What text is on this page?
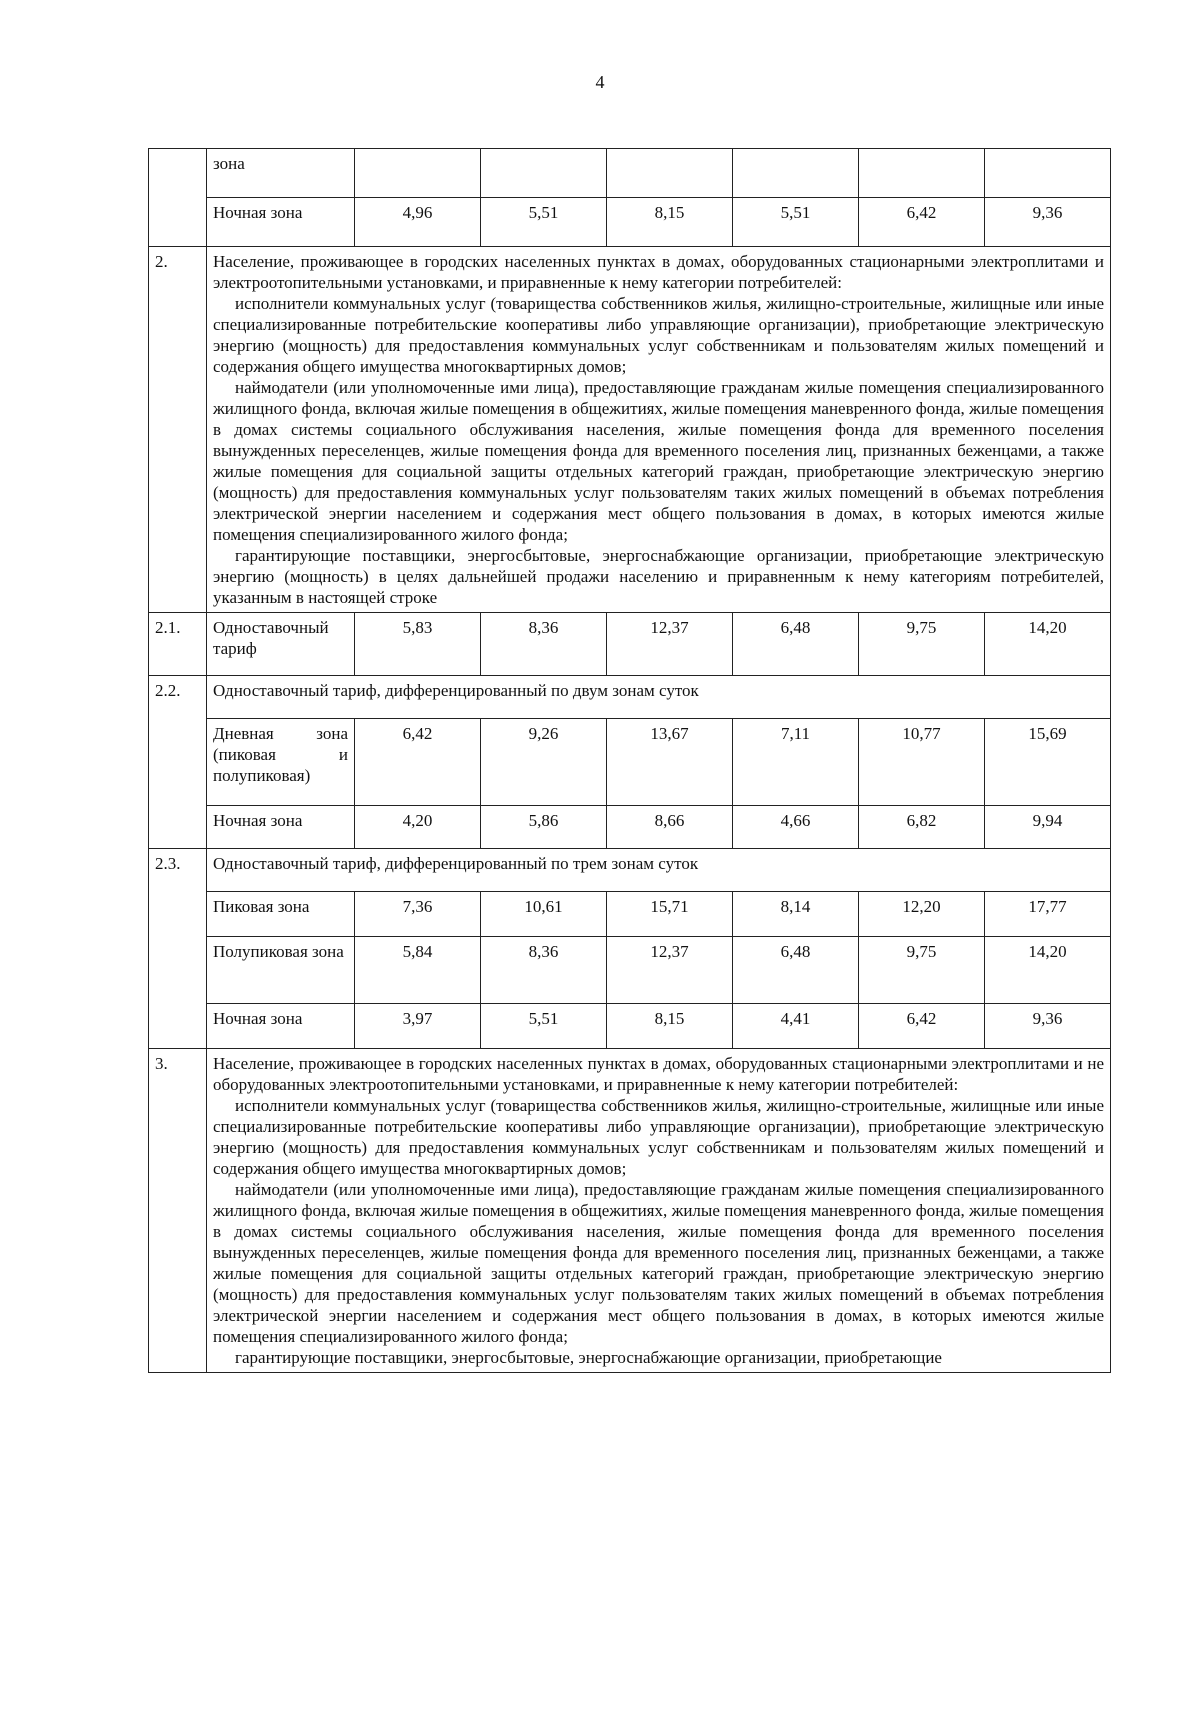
4
	зона						
	Ночная зона	4,96	5,51	8,15	5,51	6,42	9,36
2.	Население, проживающее в городских населенных пунктах в домах, оборудованных стационарными электроплитами и электроотопительными установками, и приравненные к нему категории потребителей:

исполнители коммунальных услуг (товарищества собственников жилья, жилищно-строительные, жилищные или иные специализированные потребительские кооперативы либо управляющие организации), приобретающие электрическую энергию (мощность) для предоставления коммунальных услуг собственникам и пользователям жилых помещений и содержания общего имущества многоквартирных домов;

наймодатели (или уполномоченные ими лица), предоставляющие гражданам жилые помещения специализированного жилищного фонда, включая жилые помещения в общежитиях, жилые помещения маневренного фонда, жилые помещения в домах системы социального обслуживания населения, жилые помещения фонда для временного поселения вынужденных переселенцев, жилые помещения фонда для временного поселения лиц, признанных беженцами, а также жилые помещения для социальной защиты отдельных категорий граждан, приобретающие электрическую энергию (мощность) для предоставления коммунальных услуг пользователям таких жилых помещений в объемах потребления электрической энергии населением и содержания мест общего пользования в домах, в которых имеются жилые помещения специализированного жилого фонда;

гарантирующие поставщики, энергосбытовые, энергоснабжающие организации, приобретающие электрическую энергию (мощность) в целях дальнейшей продажи населению и приравненным к нему категориям потребителей, указанным в настоящей строке						

2.1.	Одноставочный тариф	5,83	8,36	12,37	6,48	9,75	14,20
2.2.	Одноставочный тариф, дифференцированный по двум зонам суток						
	Дневная зона (пиковая и полупиковая)	6,42	9,26	13,67	7,11	10,77	15,69
	Ночная зона	4,20	5,86	8,66	4,66	6,82	9,94
2.3.	Одноставочный тариф, дифференцированный по трем зонам суток						
	Пиковая зона	7,36	10,61	15,71	8,14	12,20	17,77
	Полупиковая зона	5,84	8,36	12,37	6,48	9,75	14,20
	Ночная зона	3,97	5,51	8,15	4,41	6,42	9,36
3.	Население, проживающее в городских населенных пунктах в домах, оборудованных стационарными электроплитами и не оборудованных электроотопительными установками, и приравненные к нему категории потребителей:

исполнители коммунальных услуг (товарищества собственников жилья, жилищно-строительные, жилищные или иные специализированные потребительские кооперативы либо управляющие организации), приобретающие электрическую энергию (мощность) для предоставления коммунальных услуг собственникам и пользователям жилых помещений и содержания общего имущества многоквартирных домов;

наймодатели (или уполномоченные ими лица), предоставляющие гражданам жилые помещения специализированного жилищного фонда, включая жилые помещения в общежитиях, жилые помещения маневренного фонда, жилые помещения в домах системы социального обслуживания населения, жилые помещения фонда для временного поселения вынужденных переселенцев, жилые помещения фонда для временного поселения лиц, признанных беженцами, а также жилые помещения для социальной защиты отдельных категорий граждан, приобретающие электрическую энергию (мощность) для предоставления коммунальных услуг пользователям таких жилых помещений в объемах потребления электрической энергии населением и содержания мест общего пользования в домах, в которых имеются жилые помещения специализированного жилого фонда;

гарантирующие поставщики, энергосбытовые, энергоснабжающие организации, приобретающие						
